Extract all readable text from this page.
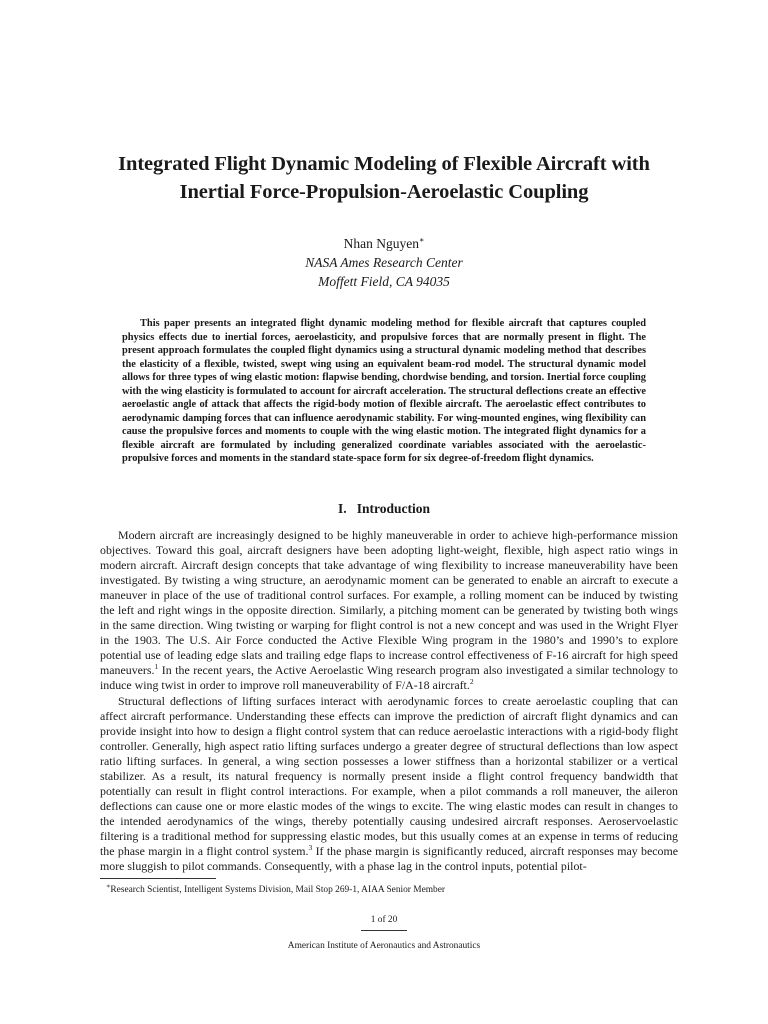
Integrated Flight Dynamic Modeling of Flexible Aircraft with
Inertial Force-Propulsion-Aeroelastic Coupling
Nhan Nguyen∗
NASA Ames Research Center
Moffett Field, CA 94035
This paper presents an integrated flight dynamic modeling method for flexible aircraft that captures coupled physics effects due to inertial forces, aeroelasticity, and propulsive forces that are normally present in flight. The present approach formulates the coupled flight dynamics using a structural dynamic modeling method that describes the elasticity of a flexible, twisted, swept wing using an equivalent beam-rod model. The structural dynamic model allows for three types of wing elastic motion: flapwise bending, chordwise bending, and torsion. Inertial force coupling with the wing elasticity is formulated to account for aircraft acceleration. The structural deflections create an effective aeroelastic angle of attack that affects the rigid-body motion of flexible aircraft. The aeroelastic effect contributes to aerodynamic damping forces that can influence aerodynamic stability. For wing-mounted engines, wing flexibility can cause the propulsive forces and moments to couple with the wing elastic motion. The integrated flight dynamics for a flexible aircraft are formulated by including generalized coordinate variables associated with the aeroelastic-propulsive forces and moments in the standard state-space form for six degree-of-freedom flight dynamics.
I. Introduction

Modern aircraft are increasingly designed to be highly maneuverable in order to achieve high-performance mission objectives. Toward this goal, aircraft designers have been adopting light-weight, flexible, high aspect ratio wings in modern aircraft. Aircraft design concepts that take advantage of wing flexibility to increase maneuverability have been investigated. By twisting a wing structure, an aerodynamic moment can be generated to enable an aircraft to execute a maneuver in place of the use of traditional control surfaces. For example, a rolling moment can be induced by twisting the left and right wings in the opposite direction. Similarly, a pitching moment can be generated by twisting both wings in the same direction. Wing twisting or warping for flight control is not a new concept and was used in the Wright Flyer in the 1903. The U.S. Air Force conducted the Active Flexible Wing program in the 1980’s and 1990’s to explore potential use of leading edge slats and trailing edge flaps to increase control effectiveness of F-16 aircraft for high speed maneuvers.$^1$ In the recent years, the Active Aeroelastic Wing research program also investigated a similar technology to induce wing twist in order to improve roll maneuverability of F/A-18 aircraft.$^2$

Structural deflections of lifting surfaces interact with aerodynamic forces to create aeroelastic coupling that can affect aircraft performance. Understanding these effects can improve the prediction of aircraft flight dynamics and can provide insight into how to design a flight control system that can reduce aeroelastic interactions with a rigid-body flight controller. Generally, high aspect ratio lifting surfaces undergo a greater degree of structural deflections than low aspect ratio lifting surfaces. In general, a wing section possesses a lower stiffness than a horizontal stabilizer or a vertical stabilizer. As a result, its natural frequency is normally present inside a flight control frequency bandwidth that potentially can result in flight control interactions. For example, when a pilot commands a roll maneuver, the aileron deflections can cause one or more elastic modes of the wings to excite. The wing elastic modes can result in changes to the intended aerodynamics of the wings, thereby potentially causing undesired aircraft responses. Aeroservoelastic filtering is a traditional method for suppressing elastic modes, but this usually comes at an expense in terms of reducing the phase margin in a flight control system.$^3$ If the phase margin is significantly reduced, aircraft responses may become more sluggish to pilot commands. Consequently, with a phase lag in the control inputs, potential pilot-

∗Research Scientist, Intelligent Systems Division, Mail Stop 269-1, AIAA Senior Member
1 of 20
American Institute of Aeronautics and Astronautics
